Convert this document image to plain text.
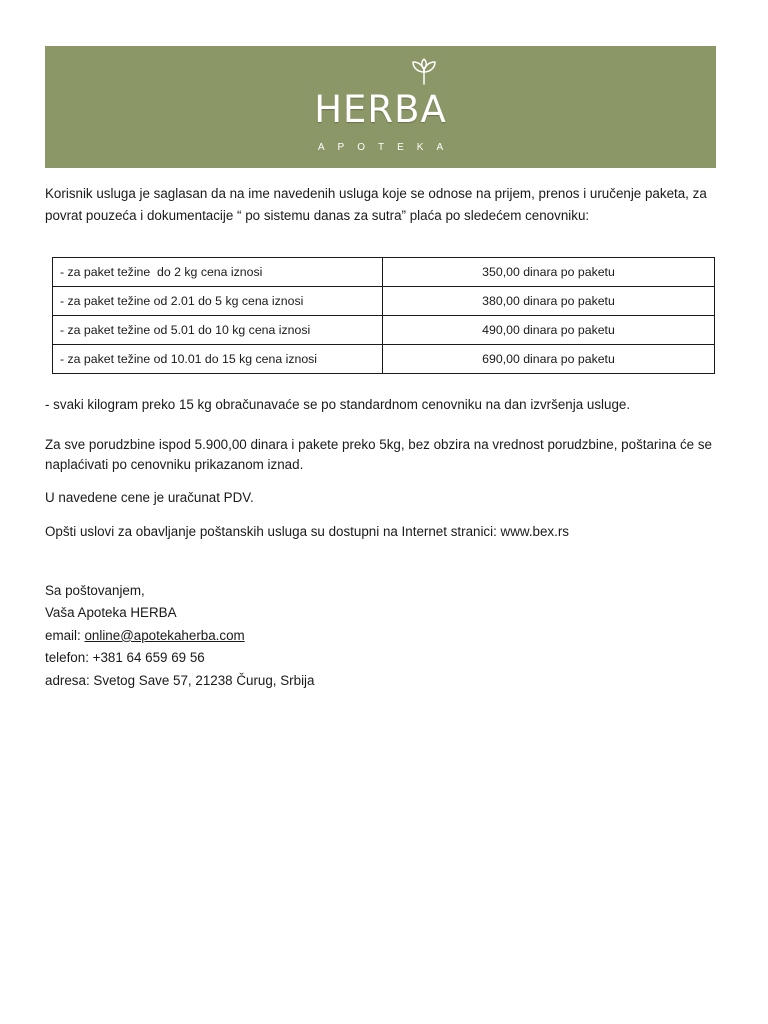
HERBA
APOTEKA

Korisnik usluga je saglasan da na ime navedenih usluga koje se odnose na prijem, prenos i uručenje paketa, za povrat pouzeća i dokumentacije “ po sistemu danas za sutra” plaća po sledećem cenovniku:

- za paket težine  do 2 kg cena iznosi	350,00 dinara po paketu
- za paket težine od 2.01 do 5 kg cena iznosi	380,00 dinara po paketu
- za paket težine od 5.01 do 10 kg cena iznosi	490,00 dinara po paketu
- za paket težine od 10.01 do 15 kg cena iznosi	690,00 dinara po paketu

- svaki kilogram preko 15 kg obračunavaće se po standardnom cenovniku na dan izvršenja usluge.

Za sve porudzbine ispod 5.900,00 dinara i pakete preko 5kg, bez obzira na vrednost porudzbine, poštarina će se naplaćivati po cenovniku prikazanom iznad.

U navedene cene je uračunat PDV.

Opšti uslovi za obavljanje poštanskih usluga su dostupni na Internet stranici: www.bex.rs

Sa poštovanjem,
Vaša Apoteka HERBA
email: online@apotekaherba.com
telefon: +381 64 659 69 56
adresa: Svetog Save 57, 21238 Čurug, Srbija
